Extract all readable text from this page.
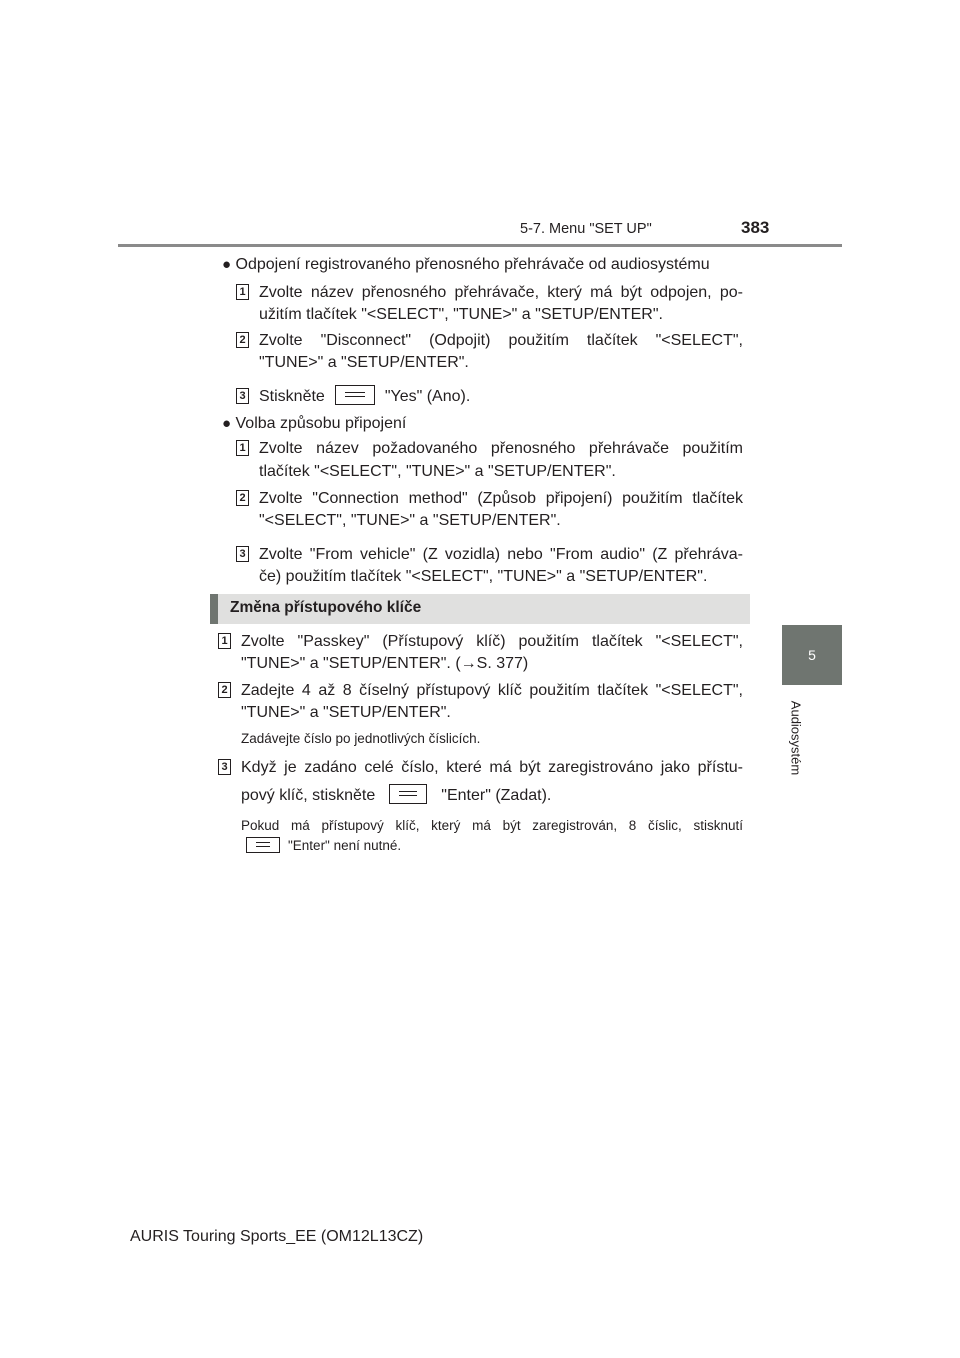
5-7. Menu "SET UP"	383
5
Audiosystém
● Odpojení registrovaného přenosného přehrávače od audiosystému
1 Zvolte název přenosného přehrávače, který má být odpojen, po-
užitím tlačítek "<SELECT", "TUNE>" a "SETUP/ENTER".
2 Zvolte "Disconnect" (Odpojit) použitím tlačítek "<SELECT",
"TUNE>" a "SETUP/ENTER".
3 Stiskněte	"Yes" (Ano).
● Volba způsobu připojení
1 Zvolte název požadovaného přenosného přehrávače použitím
tlačítek "<SELECT", "TUNE>" a "SETUP/ENTER".
2 Zvolte "Connection method" (Způsob připojení) použitím tlačítek
"<SELECT", "TUNE>" a "SETUP/ENTER".
3 Zvolte "From vehicle" (Z vozidla) nebo "From audio" (Z přehráva-
če) použitím tlačítek "<SELECT", "TUNE>" a "SETUP/ENTER".
Změna přístupového klíče
1 Zvolte "Passkey" (Přístupový klíč) použitím tlačítek "<SELECT",
"TUNE>" a "SETUP/ENTER". (→S. 377)
2 Zadejte 4 až 8 číselný přístupový klíč použitím tlačítek "<SELECT",
"TUNE>" a "SETUP/ENTER".
Zadávejte číslo po jednotlivých číslicích.
3 Když je zadáno celé číslo, které má být zaregistrováno jako přístu-
pový klíč, stiskněte	"Enter" (Zadat).
Pokud má přístupový klíč, který má být zaregistrován, 8 číslic, stisknutí
"Enter" není nutné.
AURIS Touring Sports_EE (OM12L13CZ)
